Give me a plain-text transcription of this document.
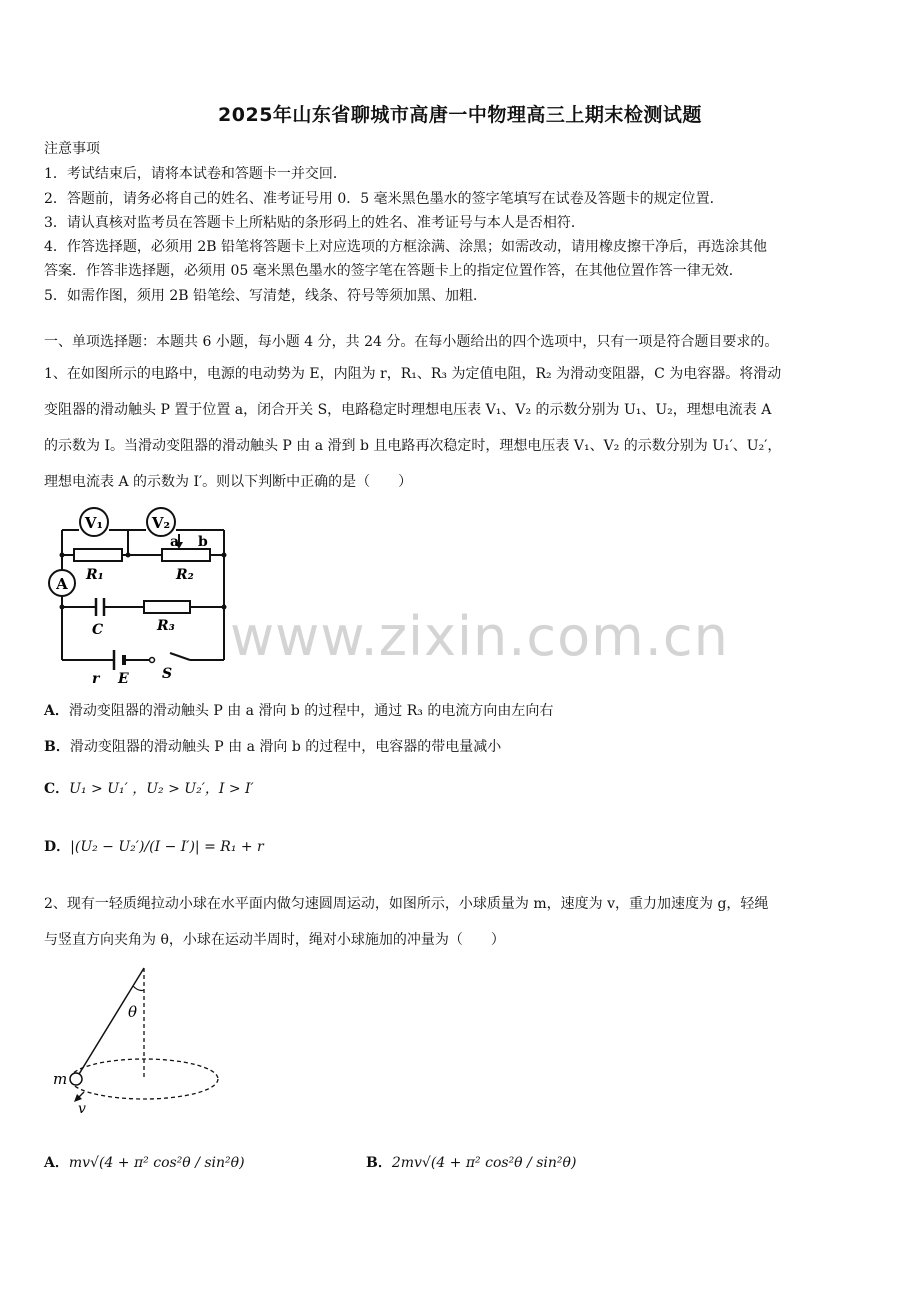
2025年山东省聊城市高唐一中物理高三上期末检测试题
注意事项
1．考试结束后，请将本试卷和答题卡一并交回．
2．答题前，请务必将自己的姓名、准考证号用 0．5 毫米黑色墨水的签字笔填写在试卷及答题卡的规定位置．
3．请认真核对监考员在答题卡上所粘贴的条形码上的姓名、准考证号与本人是否相符．
4．作答选择题，必须用 2B 铅笔将答题卡上对应选项的方框涂满、涂黑；如需改动，请用橡皮擦干净后，再选涂其他
答案．作答非选择题，必须用 05 毫米黑色墨水的签字笔在答题卡上的指定位置作答，在其他位置作答一律无效．
5．如需作图，须用 2B 铅笔绘、写清楚，线条、符号等须加黑、加粗．
一、单项选择题：本题共 6 小题，每小题 4 分，共 24 分。在每小题给出的四个选项中，只有一项是符合题目要求的。
1、在如图所示的电路中，电源的电动势为 E，内阻为 r，R₁、R₃ 为定值电阻，R₂ 为滑动变阻器，C 为电容器。将滑动
变阻器的滑动触头 P 置于位置 a，闭合开关 S，电路稳定时理想电压表 V₁、V₂ 的示数分别为 U₁、U₂，理想电流表 A
的示数为 I。当滑动变阻器的滑动触头 P 由 a 滑到 b 且电路再次稳定时，理想电压表 V₁、V₂ 的示数分别为 U₁′、U₂′，
理想电流表 A 的示数为 I′。则以下判断中正确的是（　　）
V₁	V₂
a b
R₁	R₂
A
C	R₃
r E S
www.zixin.com.cn
A．滑动变阻器的滑动触头 P 由 a 滑向 b 的过程中，通过 R₃ 的电流方向由左向右
B．滑动变阻器的滑动触头 P 由 a 滑向 b 的过程中，电容器的带电量减小
C．U₁ > U₁′ ，U₂ > U₂′，I > I′
D．|(U₂ − U₂′)/(I − I′)| = R₁ + r
2、现有一轻质绳拉动小球在水平面内做匀速圆周运动，如图所示，小球质量为 m，速度为 v，重力加速度为 g，轻绳
与竖直方向夹角为 θ，小球在运动半周时，绳对小球施加的冲量为（　　）
θ
m
v
A．mv√(4 + π² cos²θ / sin²θ)	B．2mv√(4 + π² cos²θ / sin²θ)
